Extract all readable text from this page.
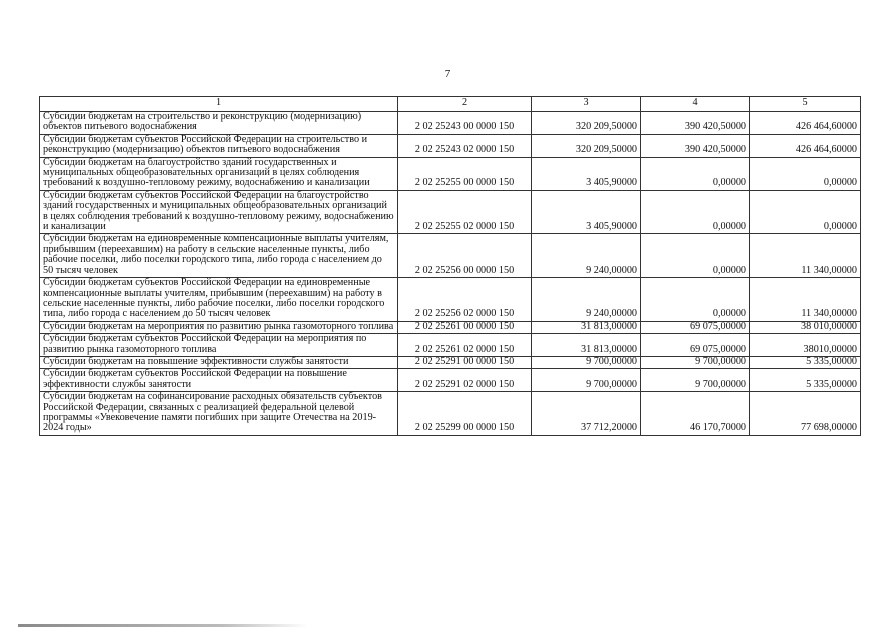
7
1	2	3	4	5
Субсидии бюджетам на строительство и реконструкцию (модернизацию) объектов питьевого водоснабжения	2 02 25243 00 0000 150	320 209,50000	390 420,50000	426 464,60000
Субсидии бюджетам субъектов Российской Федерации на строительство и реконструкцию (модернизацию) объектов питьевого водоснабжения	2 02 25243 02 0000 150	320 209,50000	390 420,50000	426 464,60000
Субсидии бюджетам на благоустройство зданий государственных и муниципальных общеобразовательных организаций в целях соблюдения требований к воздушно-тепловому режиму, водоснабжению и канализации	2 02 25255 00 0000 150	3 405,90000	0,00000	0,00000
Субсидии бюджетам субъектов Российской Федерации на благоустройство зданий государственных и муниципальных общеобразовательных организаций в целях соблюдения требований к воздушно-тепловому режиму, водоснабжению и канализации	2 02 25255 02 0000 150	3 405,90000	0,00000	0,00000
Субсидии бюджетам на единовременные компенсационные выплаты учителям, прибывшим (переехавшим) на работу в сельские населенные пункты, либо рабочие поселки, либо поселки городского типа, либо города с населением до 50 тысяч человек	2 02 25256 00 0000 150	9 240,00000	0,00000	11 340,00000
Субсидии бюджетам субъектов Российской Федерации на единовременные компенсационные выплаты учителям, прибывшим (переехавшим) на работу в сельские населенные пункты, либо рабочие поселки, либо поселки городского типа, либо города с населением до 50 тысяч человек	2 02 25256 02 0000 150	9 240,00000	0,00000	11 340,00000
Субсидии бюджетам на мероприятия по развитию рынка газомоторного топлива	2 02 25261 00 0000 150	31 813,00000	69 075,00000	38 010,00000
Субсидии бюджетам субъектов Российской Федерации на мероприятия по развитию рынка газомоторного топлива	2 02 25261 02 0000 150	31 813,00000	69 075,00000	38010,00000
Субсидии бюджетам на повышение эффективности службы занятости	2 02 25291 00 0000 150	9 700,00000	9 700,00000	5 335,00000
Субсидии бюджетам субъектов Российской Федерации на повышение эффективности службы занятости	2 02 25291 02 0000 150	9 700,00000	9 700,00000	5 335,00000
Субсидии бюджетам на софинансирование расходных обязательств субъектов Российской Федерации, связанных с реализацией федеральной целевой программы «Увековечение памяти погибших при защите Отечества на 2019-2024 годы»	2 02 25299 00 0000 150	37 712,20000	46 170,70000	77 698,00000
